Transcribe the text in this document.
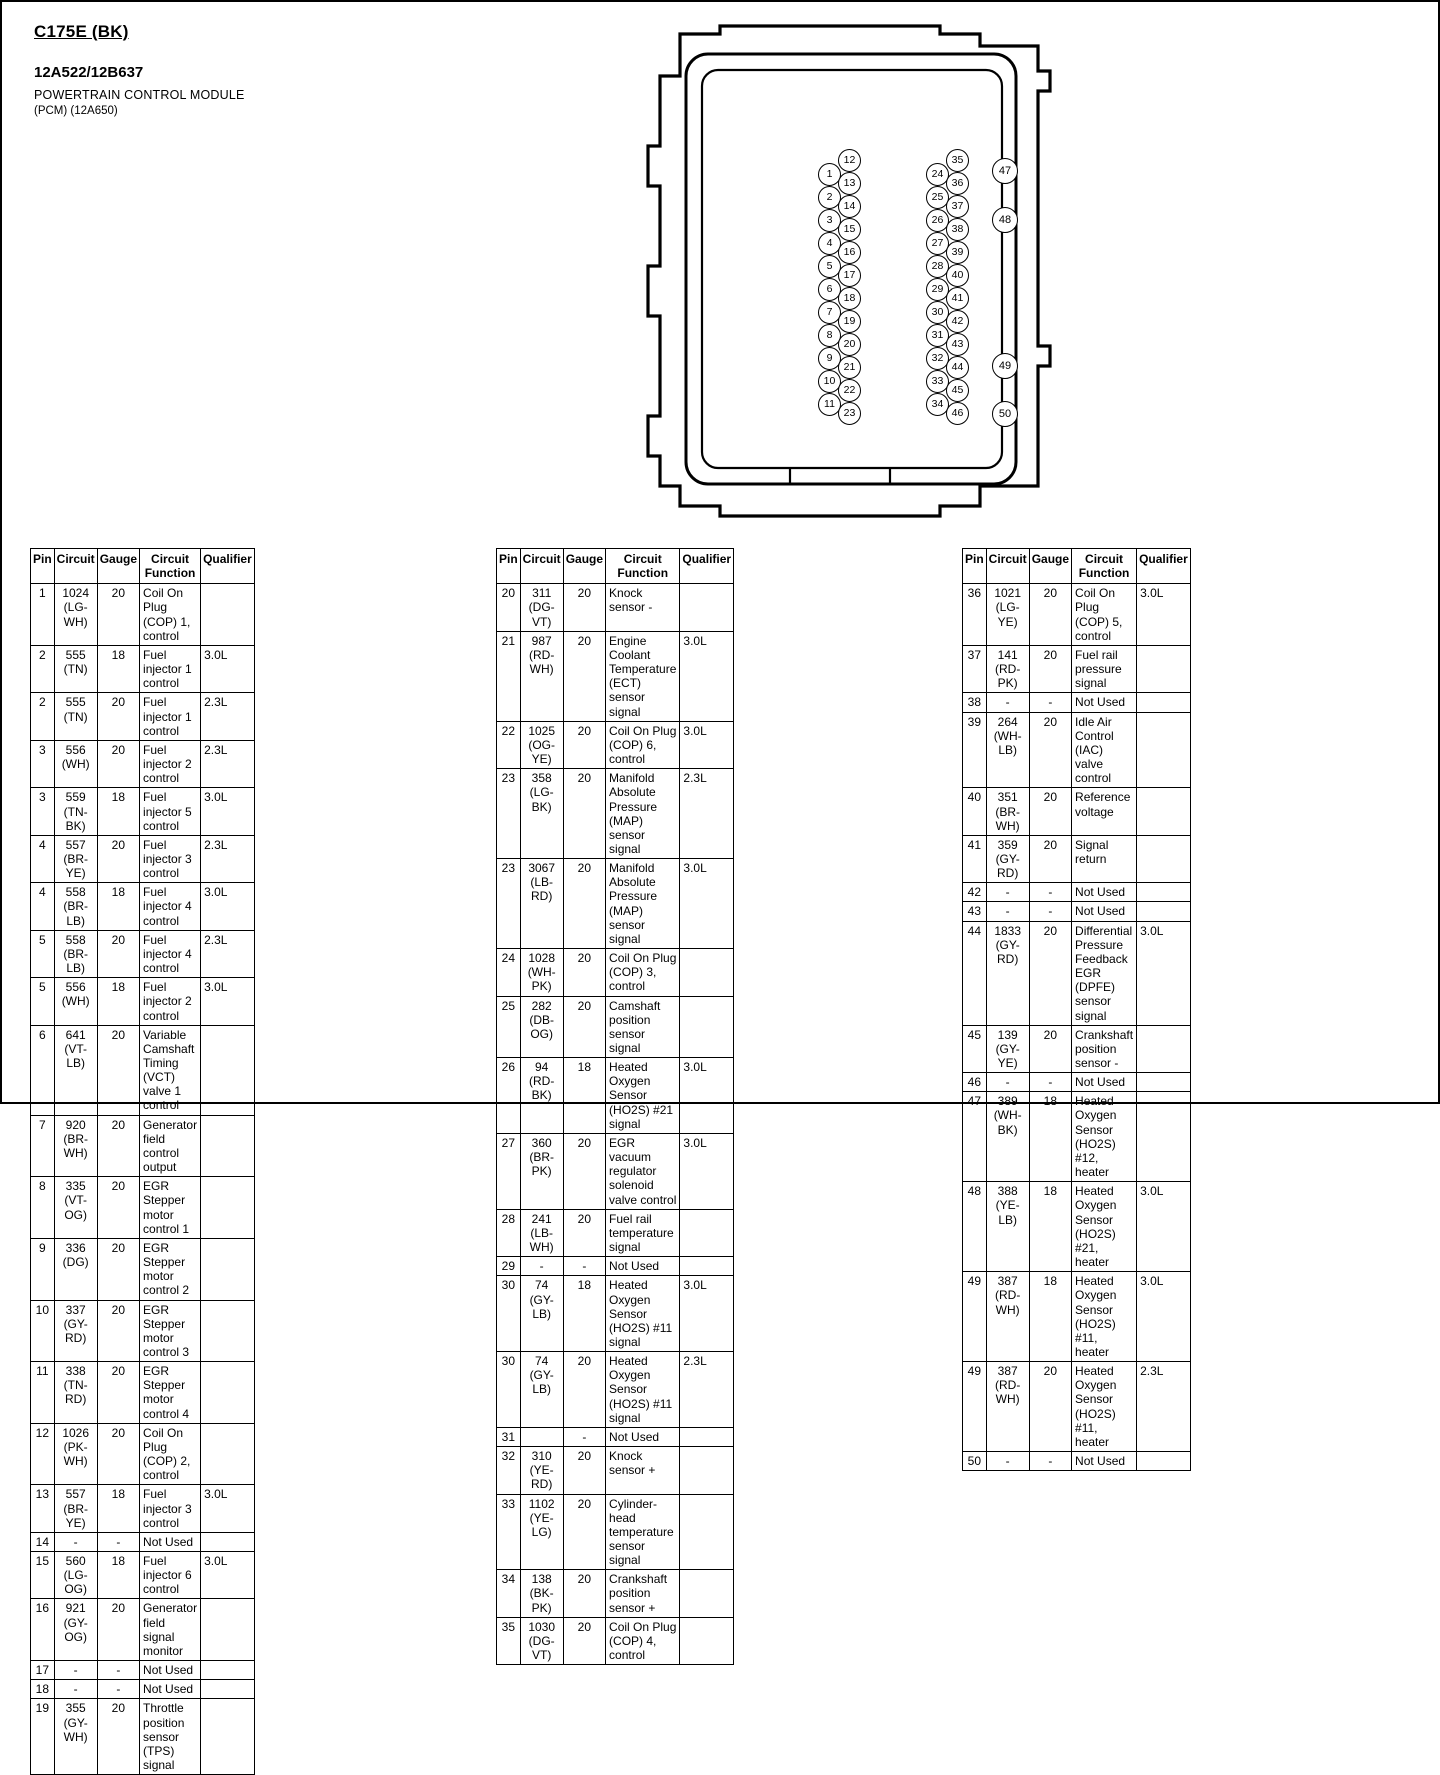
C175E (BK)
12A522/12B637
POWERTRAIN CONTROL MODULE
(PCM) (12A650)
1
2
3
4
5
6
7
8
9
10
11
12
13
14
15
16
17
18
19
20
21
22
23
24
25
26
27
28
29
30
31
32
33
34
35
36
37
38
39
40
41
42
43
44
45
46
47
48
49
50
Pin	Circuit	Gauge	Circuit Function	Qualifier
1	1024 (LG-WH)	20	Coil On Plug (COP) 1, control	
2	555 (TN)	18	Fuel injector 1 control	3.0L
2	555 (TN)	20	Fuel injector 1 control	2.3L
3	556 (WH)	20	Fuel injector 2 control	2.3L
3	559 (TN-BK)	18	Fuel injector 5 control	3.0L
4	557 (BR-YE)	20	Fuel injector 3 control	2.3L
4	558 (BR-LB)	18	Fuel injector 4 control	3.0L
5	558 (BR-LB)	20	Fuel injector 4 control	2.3L
5	556 (WH)	18	Fuel injector 2 control	3.0L
6	641 (VT-LB)	20	Variable Camshaft Timing (VCT) valve 1 control	
7	920 (BR-WH)	20	Generator field control output	
8	335 (VT-OG)	20	EGR Stepper motor control 1	
9	336 (DG)	20	EGR Stepper motor control 2	
10	337 (GY-RD)	20	EGR Stepper motor control 3	
11	338 (TN-RD)	20	EGR Stepper motor control 4	
12	1026 (PK-WH)	20	Coil On Plug (COP) 2, control	
13	557 (BR-YE)	18	Fuel injector 3 control	3.0L
14	-	-	Not Used	
15	560 (LG-OG)	18	Fuel injector 6 control	3.0L
16	921 (GY-OG)	20	Generator field signal monitor	
17	-	-	Not Used	
18	-	-	Not Used	
19	355 (GY-WH)	20	Throttle position sensor (TPS) signal	
Pin	Circuit	Gauge	Circuit Function	Qualifier
20	311 (DG-VT)	20	Knock sensor -	
21	987 (RD-WH)	20	Engine Coolant Temperature (ECT) sensor signal	3.0L
22	1025 (OG-YE)	20	Coil On Plug (COP) 6, control	3.0L
23	358 (LG-BK)	20	Manifold Absolute Pressure (MAP) sensor signal	2.3L
23	3067 (LB-RD)	20	Manifold Absolute Pressure (MAP) sensor signal	3.0L
24	1028 (WH-PK)	20	Coil On Plug (COP) 3, control	
25	282 (DB-OG)	20	Camshaft position sensor signal	
26	94 (RD-BK)	18	Heated Oxygen Sensor (HO2S) #21 signal	3.0L
27	360 (BR-PK)	20	EGR vacuum regulator solenoid valve control	3.0L
28	241 (LB-WH)	20	Fuel rail temperature signal	
29	-	-	Not Used	
30	74 (GY-LB)	18	Heated Oxygen Sensor (HO2S) #11 signal	3.0L
30	74 (GY-LB)	20	Heated Oxygen Sensor (HO2S) #11 signal	2.3L
31		-	Not Used	
32	310 (YE-RD)	20	Knock sensor +	
33	1102 (YE-LG)	20	Cylinder-head temperature sensor signal	
34	138 (BK-PK)	20	Crankshaft position sensor +	
35	1030 (DG-VT)	20	Coil On Plug (COP) 4, control	
Pin	Circuit	Gauge	Circuit Function	Qualifier
36	1021 (LG-YE)	20	Coil On Plug (COP) 5, control	3.0L
37	141 (RD-PK)	20	Fuel rail pressure signal	
38	-	-	Not Used	
39	264 (WH-LB)	20	Idle Air Control (IAC) valve control	
40	351 (BR-WH)	20	Reference voltage	
41	359 (GY-RD)	20	Signal return	
42	-	-	Not Used	
43	-	-	Not Used	
44	1833 (GY-RD)	20	Differential Pressure Feedback EGR (DPFE) sensor signal	3.0L
45	139 (GY-YE)	20	Crankshaft position sensor -	
46	-	-	Not Used	
47	389 (WH-BK)	18	Heated Oxygen Sensor (HO2S) #12, heater	
48	388 (YE-LB)	18	Heated Oxygen Sensor (HO2S) #21, heater	3.0L
49	387 (RD-WH)	18	Heated Oxygen Sensor (HO2S) #11, heater	3.0L
49	387 (RD-WH)	20	Heated Oxygen Sensor (HO2S) #11, heater	2.3L
50	-	-	Not Used	
